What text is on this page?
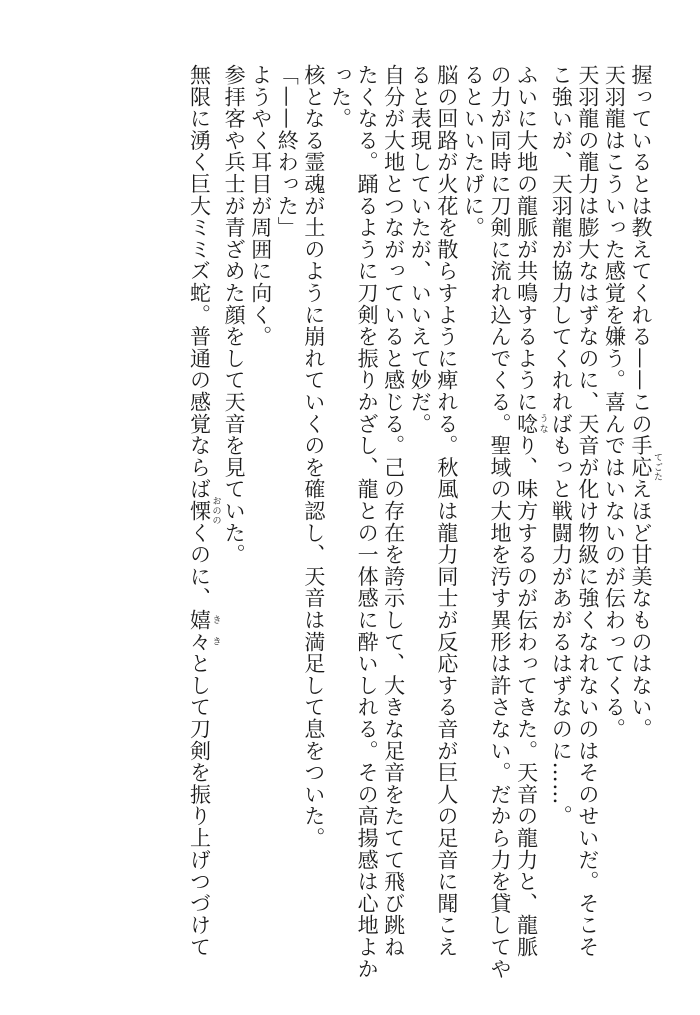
握っているとは教えてくれる——この手応 てごたえほど甘美なものはない。

天羽龍はこういった感覚を嫌う。喜んではいないのが伝わってくる。

天羽龍の龍力は膨大なはずなのに、天音が化け物級に強くなれないのはそのせいだ。そこそ

こ強いが、天羽龍が協力してくれればもっと戦闘力があがるはずなのに……。

ふいに大地の龍脈が共鳴するように唸 うなり、味方するのが伝わってきた。天音の龍力と、龍脈

の力が同時に刀剣に流れ込んでくる。聖域の大地を汚す異形は許さない。だから力を貸してや

るといいたげに。

脳の回路が火花を散らすように痺れる。秋風は龍力同士が反応する音が巨人の足音に聞こえ

ると表現していたが、いいえて妙だ。

自分が大地とつながっていると感じる。己の存在を誇示して、大きな足音をたてて飛び跳ね

たくなる。踊るように刀剣を振りかざし、龍との一体感に酔いしれる。その高揚感は心地よか

った。

核となる霊魂が土のように崩れていくのを確認し、天音は満足して息をついた。

「——終わった」

ようやく耳目が周囲に向く。

参拝客や兵士が青ざめた顔をして天音を見ていた。

無限に湧く巨大ミミズ蛇。普通の感覚ならば慄 おののくのに、嬉々 ききとして刀剣を振り上げつづけて
